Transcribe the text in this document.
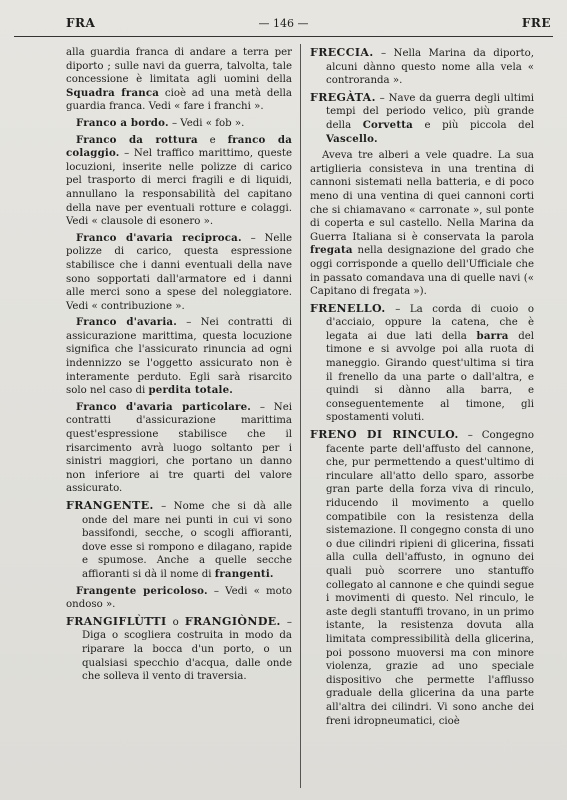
FRA	— 146 —	FRE

alla guardia franca di andare a terra per diporto ; sulle navi da guerra, talvolta, tale concessione è limitata agli uomini della Squadra franca cioè ad una metà della guardia franca. Vedi « fare i franchi ».

Franco a bordo. – Vedi « fob ».

Franco da rottura e franco da colaggio. – Nel traffico marittimo, queste locuzioni, inserite nelle polizze di carico pel trasporto di merci fragili e di liquidi, annullano la responsabilità del capitano della nave per eventuali rotture e colaggi. Vedi « clausole di esonero ».

Franco d'avaria reciproca. – Nelle polizze di carico, questa espressione stabilisce che i danni eventuali della nave sono sopportati dall'armatore ed i danni alle merci sono a spese del noleggiatore. Vedi « contribuzione ».

Franco d'avaria. – Nei contratti di assicurazione marittima, questa locuzione significa che l'assicurato rinuncia ad ogni indennizzo se l'oggetto assicurato non è interamente perduto. Egli sarà risarcito solo nel caso di perdita totale.

Franco d'avaria particolare. – Nei contratti d'assicurazione marittima quest'espressione stabilisce che il risarcimento avrà luogo soltanto per i sinistri maggiori, che portano un danno non inferiore ai tre quarti del valore assicurato.

FRANGENTE. – Nome che si dà alle onde del mare nei punti in cui vi sono bassifondi, secche, o scogli affioranti, dove esse si rompono e dilagano, rapide e spumose. Anche a quelle secche affioranti si dà il nome di frangenti.

Frangente pericoloso. – Vedi « moto ondoso ».

FRANGIFLÙTTI o FRANGIÒNDE. – Diga o scogliera costruita in modo da riparare la bocca d'un porto, o un qualsiasi specchio d'acqua, dalle onde che solleva il vento di traversia.

FRECCIA. – Nella Marina da diporto, alcuni dànno questo nome alla vela « controranda ».

FREGÀTA. – Nave da guerra degli ultimi tempi del periodo velico, più grande della Corvetta e più piccola del Vascello.

Aveva tre alberi a vele quadre. La sua artiglieria consisteva in una trentina di cannoni sistemati nella batteria, e di poco meno di una ventina di quei cannoni corti che si chiamavano « carronate », sul ponte di coperta e sul castello. Nella Marina da Guerra Italiana si è conservata la parola fregata nella designazione del grado che oggi corrisponde a quello dell'Ufficiale che in passato comandava una di quelle navi (« Capitano di fregata »).

FRENELLO. – La corda di cuoio o d'acciaio, oppure la catena, che è legata ai due lati della barra del timone e si avvolge poi alla ruota di maneggio. Girando quest'ultima si tira il frenello da una parte o dall'altra, e quindi si dànno alla barra, e conseguentemente al timone, gli spostamenti voluti.

FRENO DI RINCULO. – Congegno facente parte dell'affusto del cannone, che, pur permettendo a quest'ultimo di rinculare all'atto dello sparo, assorbe gran parte della forza viva di rinculo, riducendo il movimento a quello compatibile con la resistenza della sistemazione. Il congegno consta di uno o due cilindri ripieni di glicerina, fissati alla culla dell'affusto, in ognuno dei quali può scorrere uno stantuffo collegato al cannone e che quindi segue i movimenti di questo. Nel rinculo, le aste degli stantuffi trovano, in un primo istante, la resistenza dovuta alla limitata compressibilità della glicerina, poi possono muoversi ma con minore violenza, grazie ad uno speciale dispositivo che permette l'afflusso graduale della glicerina da una parte all'altra dei cilindri. Vi sono anche dei freni idropneumatici, cioè
